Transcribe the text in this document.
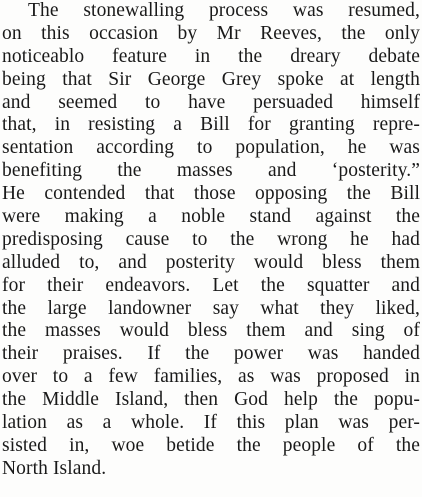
The stonewalling process was resumed,
on this occasion by Mr Reeves, the only
noticeablo feature in the dreary debate
being that Sir George Grey spoke at length
and seemed to have persuaded himself
that, in resisting a Bill for granting repre-
sentation according to population, he was
benefiting the masses and ‘posterity.”
He contended that those opposing the Bill
were making a noble stand against the
predisposing cause to the wrong he had
alluded to, and posterity would bless them
for their endeavors. Let the squatter and
the large landowner say what they liked,
the masses would bless them and sing of
their praises. If the power was handed
over to a few families, as was proposed in
the Middle Island, then God help the popu-
lation as a whole. If this plan was per-
sisted in, woe betide the people of the
North Island.
